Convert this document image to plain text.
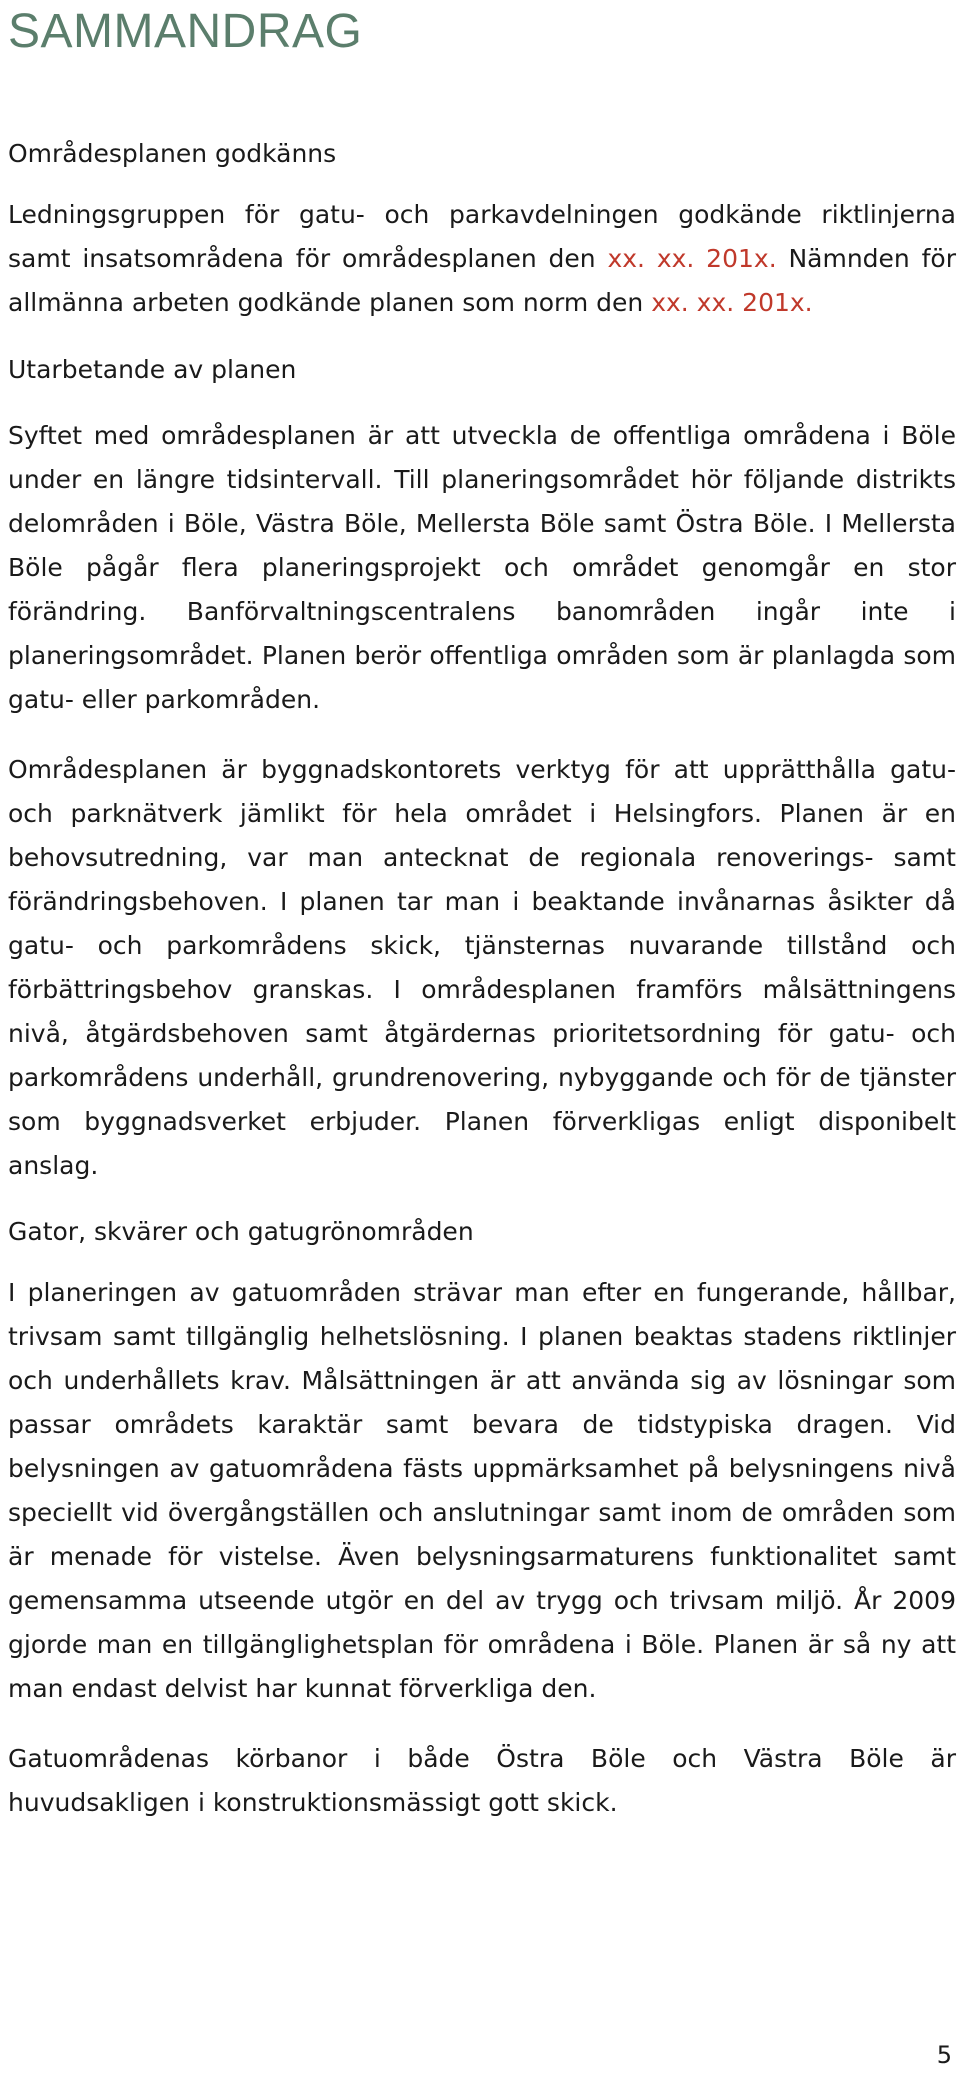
SAMMANDRAG
Områdesplanen godkänns

Ledningsgruppen för gatu- och parkavdelningen godkände riktlinjerna samt insatsområdena för områdesplanen den xx. xx. 201x. Nämnden för allmänna arbeten godkände planen som norm den xx. xx. 201x.

Utarbetande av planen

Syftet med områdesplanen är att utveckla de offentliga områdena i Böle under en längre tidsintervall. Till planeringsområdet hör följande distrikts delområden i Böle, Västra Böle, Mellersta Böle samt Östra Böle. I Mellersta Böle pågår flera planeringsprojekt och området genomgår en stor förändring. Banförvaltningscentralens banområden ingår inte i planeringsområdet. Planen berör offentliga områden som är planlagda som gatu- eller parkområden.

Områdesplanen är byggnadskontorets verktyg för att upprätthålla gatu- och parknätverk jämlikt för hela området i Helsingfors. Planen är en behovsutredning, var man antecknat de regionala renoverings- samt förändringsbehoven. I planen tar man i beaktande invånarnas åsikter då gatu- och parkområdens skick, tjänsternas nuvarande tillstånd och förbättringsbehov granskas. I områdesplanen framförs målsättningens nivå, åtgärdsbehoven samt åtgärdernas prioritetsordning för gatu- och parkområdens underhåll, grundrenovering, nybyggande och för de tjänster som byggnadsverket erbjuder. Planen förverkligas enligt disponibelt anslag.

Gator, skvärer och gatugrönområden

I planeringen av gatuområden strävar man efter en fungerande, hållbar, trivsam samt tillgänglig helhetslösning. I planen beaktas stadens riktlinjer och underhållets krav. Målsättningen är att använda sig av lösningar som passar områdets karaktär samt bevara de tidstypiska dragen. Vid belysningen av gatuområdena fästs uppmärksamhet på belysningens nivå speciellt vid övergångställen och anslutningar samt inom de områden som är menade för vistelse. Även belysningsarmaturens funktionalitet samt gemensamma utseende utgör en del av trygg och trivsam miljö. År 2009 gjorde man en tillgänglighetsplan för områdena i Böle. Planen är så ny att man endast delvist har kunnat förverkliga den.

Gatuområdenas körbanor i både Östra Böle och Västra Böle är huvudsakligen i konstruktionsmässigt gott skick.

5
